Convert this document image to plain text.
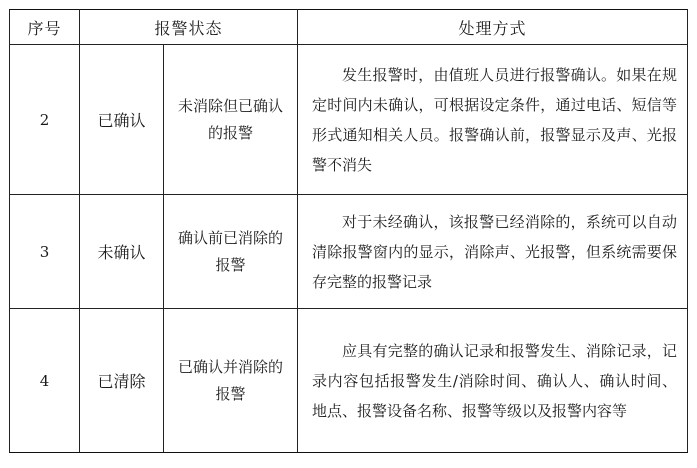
序号	报警状态		处理方式
2	已确认	未消除但已确认的报警	发生报警时，由值班人员进行报警确认。如果在规定时间内未确认，可根据设定条件，通过电话、短信等形式通知相关人员。报警确认前，报警显示及声、光报警不消失

3	未确认	确认前已消除的报警	对于未经确认，该报警已经消除的，系统可以自动清除报警窗内的显示，消除声、光报警，但系统需要保存完整的报警记录

4	已清除	已确认并消除的报警	应具有完整的确认记录和报警发生、消除记录，记录内容包括报警发生/消除时间、确认人、确认时间、地点、报警设备名称、报警等级以及报警内容等
